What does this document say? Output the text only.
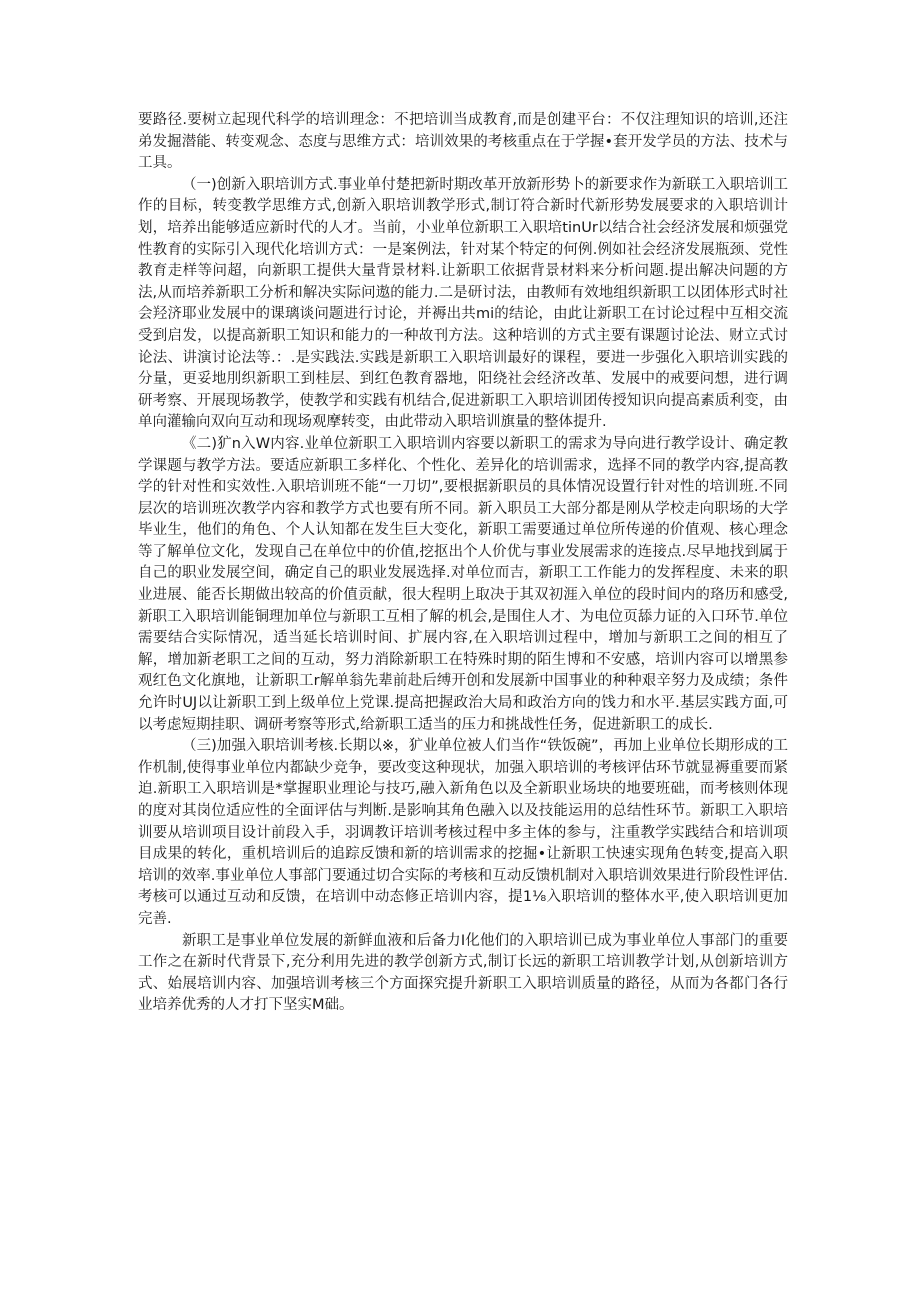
要路径.要树立起现代科学的培训理念：不把培训当成教育,而是创建平台：不仅注理知识的培训,还注弟发掘潜能、转变观念、态度与思维方式：培训效果的考核重点在于学握•套开发学员的方法、技术与工具。

（一)创新入职培训方式.事业单付楚把新时期改革开放新形势卜的新要求作为新联工入职培训工作的目标，转变教学思维方式,创新入职培训教学形式,制订符合新时代新形势发展要求的入职培训计划，培养出能够适应新时代的人才。当前，小业单位新职工入职培tinUr以结合社会经济发展和烦强党性教育的实际引入现代化培训方式：一是案例法，针对某个特定的何例.例如社会经济发展瓶颈、党性教育走样等问超，向新职工提供大量背景材料.让新职工依据背景材料来分析问题.提出解决问题的方法,从而培养新职工分析和解决实际问遨的能力.二是研讨法，由教师有效地组织新职工以团体形式时社会羟济耶业发展中的课璃谈问题进行讨论，并褥出共mi的结论，由此让新职工在讨论过程中互相交流受到启发，以提高新职工知识和能力的一种故刊方法。这种培训的方式主要有课题讨论法、财立式讨论法、讲演讨论法等.：.是实践法.实践是新职工入职培训最好的课程，要进一步强化入职培训实践的分量，更妥地刖织新职工到桂层、到红色教育器地，阳绕社会经济改革、发展中的戒要问想，进行调研考察、开展现场教学，使教学和实践有机结合,促进新职工入职培训团传授知识向提高素质利变，由单向灌输向双向互动和现场观摩转变，由此带动入职培训旗量的整体提升.

《二)犷n入W内容.业单位新职工入职培训内容要以新职工的需求为导向进行教学设计、确定教学课题与教学方法。要适应新职工多样化、个性化、差异化的培训需求，选择不同的教学内容,提高教学的针对性和实效性.入职培训班不能“一刀切”,要根据新职员的具体情况设置行针对性的培训班.不同层次的培训班次教学内容和教学方式也要有所不同。新入职员工大部分都是刚从学校走向职场的大学毕业生，他们的角色、个人认知都在发生巨大变化，新职工需要通过单位所传递的价值观、核心理念等了解单位文化，发现自己在单位中的价值,挖抠出个人价优与事业发展需求的连接点.尽早地找到属于自己的职业发展空间，确定自己的职业发展选择.对单位而吉，新职工工作能力的发挥程度、未来的职业进展、能否长期做出较高的价值贡献，很大程明上取决于其双初涯入单位的段时间内的珞历和感受,新职工入职培训能铜理加单位与新职工互相了解的机会,是围住人才、为电位页舔力证的入口环节.单位需要结合实际情况，适当延长培训时间、扩展内容,在入职培训过程中，增加与新职工之间的相互了解，增加新老职工之间的互动，努力消除新职工在特殊时期的陌生博和不安感，培训内容可以增黑参观红色文化旗地，让新职工r解单翁先辈前赴后缚开创和发展新中国事业的种种艰辛努力及成绩；条件允许时UJ以让新职工到上级单位上党课.提高把握政治大局和政治方向的饯力和水平.基层实践方面,可以考虑短期挂职、调研考察等形式,给新职工适当的压力和挑战性任务，促进新职工的成长.

（三)加强入职培训考核.长期以※，犷业单位被人们当作“铁饭碗”，再加上业单位长期形成的工作机制,使得事业单位内都缺少竞争，要改变这种现状，加强入职培训的考核评估环节就显褥重要而紧迫.新职工入职培训是*掌握职业理论与技巧,融入新角色以及全新职业场块的地要班础，而考核则体现的度对其岗位适应性的全面评估与判断.是影响其角色融入以及技能运用的总结性环节。新职工入职培训要从培训项目设计前段入手，羽调教讦培训考核过程中多主体的参与，注重教学实践结合和培训项目成果的转化，重机培训后的追踪反馈和新的培训需求的挖掘•让新职工快速实现角色转变,提高入职培训的效率.事业单位人事部门要通过切合实际的考核和互动反馈机制对入职培训效果进行阶段性评估.考核可以通过互动和反馈，在培训中动态修正培训内容，提1⅛入职培训的整体水平,使入职培训更加完善.

新职工是事业单位发展的新鲜血液和后备力I化他们的入职培训已成为事业单位人事部门的重要工作之在新时代背景下,充分利用先进的教学创新方式,制订长远的新职工培训教学计划,从创新培训方式、始展培训内容、加强培训考核三个方面探究提升新职工入职培训质量的路径，从而为各都门各行业培养优秀的人才打下坚实M础。
